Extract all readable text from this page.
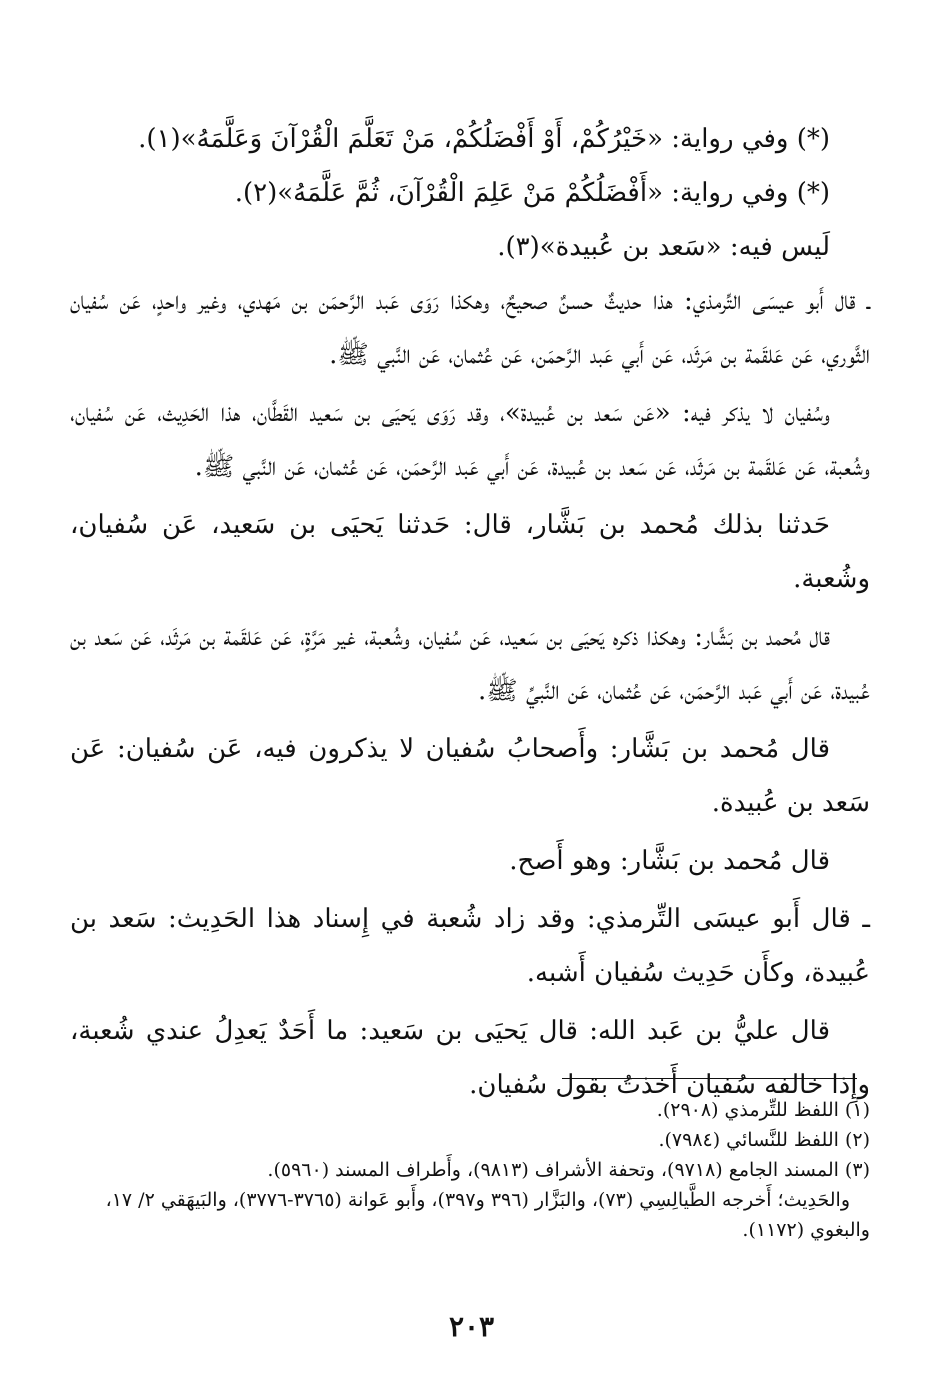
(*) وفي رواية: «خَيْرُكُمْ، أَوْ أَفْضَلُكُمْ، مَنْ تَعَلَّمَ الْقُرْآنَ وَعَلَّمَهُ»(١).

(*) وفي رواية: «أَفْضَلُكُمْ مَنْ عَلِمَ الْقُرْآنَ، ثُمَّ عَلَّمَهُ»(٢).

لَيس فيه: «سَعد بن عُبيدة»(٣).

ـ قال أَبو عيسَى التِّرمذي: هذا حديثٌ حسنٌ صحيحٌ، وهكذا رَوَى عَبد الرَّحمَن بن مَهدي، وغير واحدٍ، عَن سُفيان الثَّوري، عَن عَلقَمة بن مَرثَد، عَن أَبي عَبد الرَّحمَن، عَن عُثمان، عَن النَّبي ﷺ.

وسُفيان لا يذكر فيه: «عَن سَعد بن عُبيدة»، وقد رَوَى يَحيَى بن سَعيد القَطَّان، هذا الحَدِيث، عَن سُفيان، وشُعبة، عَن عَلقَمة بن مَرثَد، عَن سَعد بن عُبيدة، عَن أَبي عَبد الرَّحمَن، عَن عُثمان، عَن النَّبي ﷺ.

حَدثنا بذلك مُحمد بن بَشَّار، قال: حَدثنا يَحيَى بن سَعيد، عَن سُفيان، وشُعبة.

قال مُحمد بن بَشَّار: وهكذا ذكره يَحيَى بن سَعيد، عَن سُفيان، وشُعبة، غير مَرَّةٍ، عَن عَلقَمة بن مَرثَد، عَن سَعد بن عُبيدة، عَن أَبي عَبد الرَّحمَن، عَن عُثمان، عَن النَّبيِّ ﷺ.

قال مُحمد بن بَشَّار: وأَصحابُ سُفيان لا يذكرون فيه، عَن سُفيان: عَن سَعد بن عُبيدة.

قال مُحمد بن بَشَّار: وهو أَصح.

ـ قال أَبو عيسَى التِّرمذي: وقد زاد شُعبة في إِسناد هذا الحَدِيث: سَعد بن عُبيدة، وكأَن حَدِيث سُفيان أَشبه.

قال عليُّ بن عَبد الله: قال يَحيَى بن سَعيد: ما أَحَدٌ يَعدِلُ عندي شُعبة، وإِذا خالفه سُفيان أَخذتُ بقول سُفيان.

(١) اللفظ للتِّرمذي (٢٩٠٨).

(٢) اللفظ للنَّسائي (٧٩٨٤).

(٣) المسند الجامع (٩٧١٨)، وتحفة الأشراف (٩٨١٣)، وأَطراف المسند (٥٩٦٠).

والحَدِيث؛ أَخرجه الطَّيالِسِي (٧٣)، والبَزَّار (٣٩٦ و٣٩٧)، وأَبو عَوانة (٣٧٦٥-٣٧٧٦)، والبَيهَقي ٢/ ١٧، والبغوي (١١٧٢).

٢٠٣
